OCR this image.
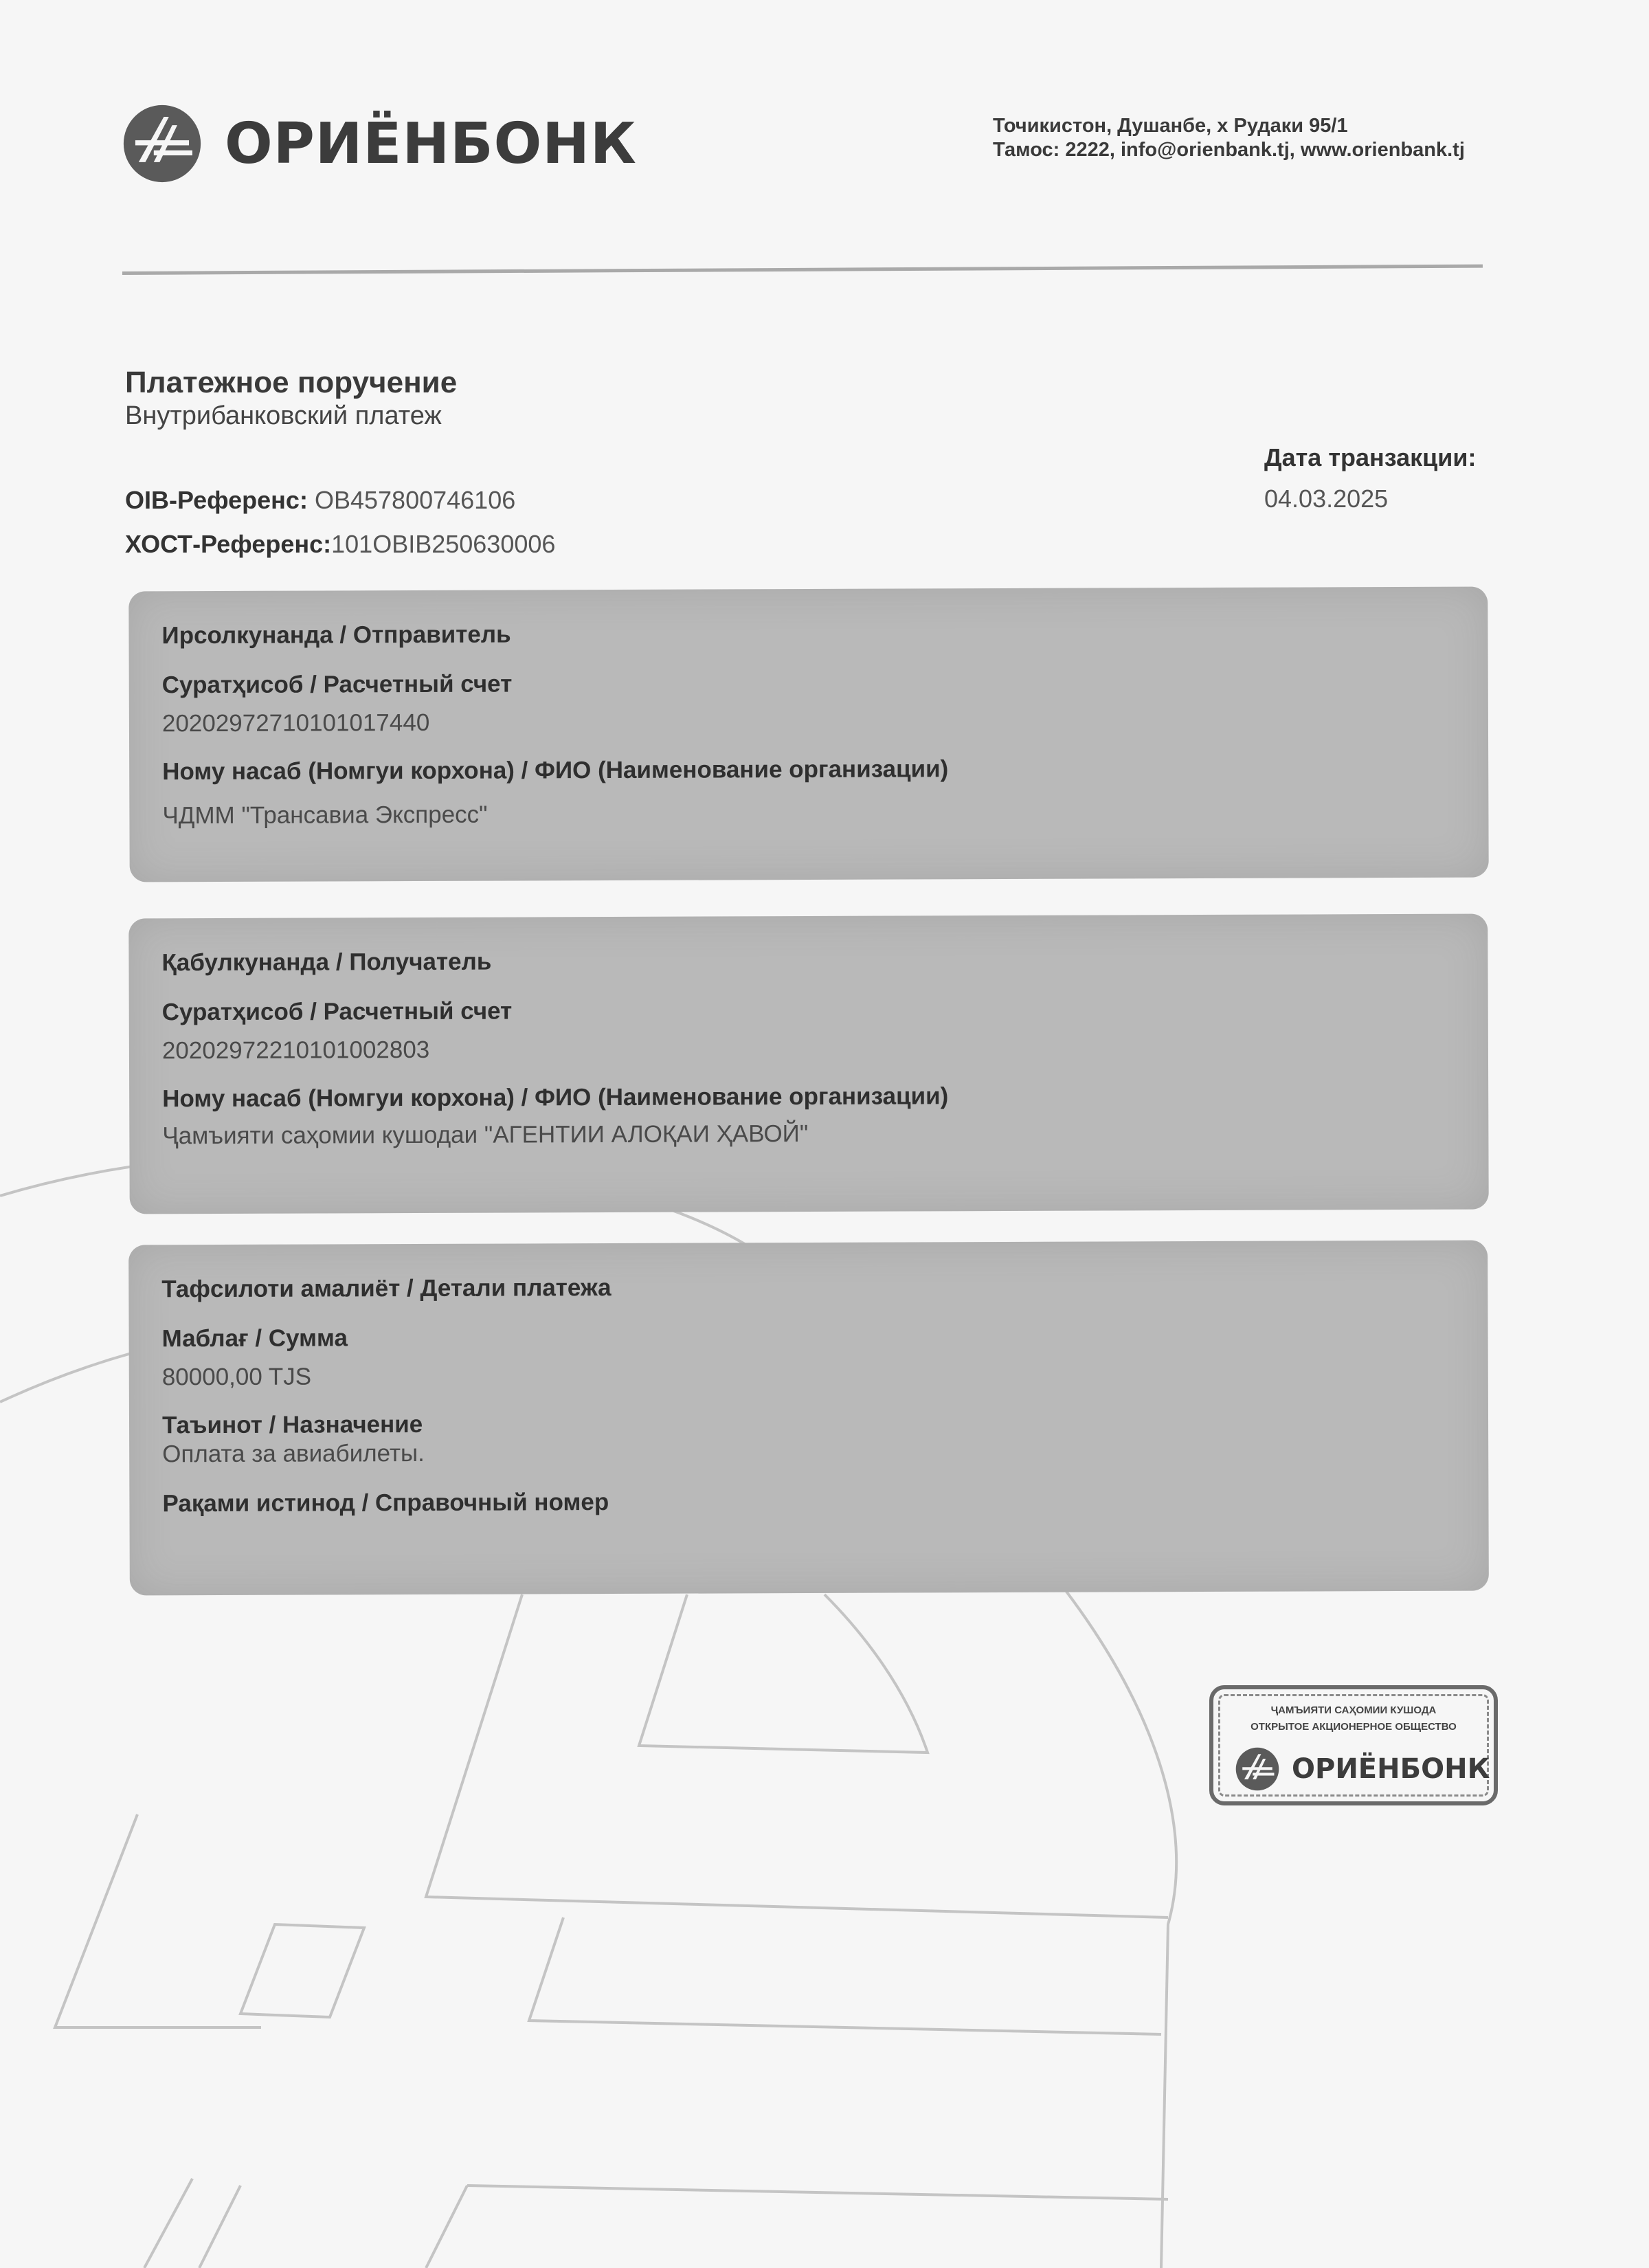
ОРИЁНБОНК	Точикистон, Душанбе, х Рудаки 95/1
Тамос: 2222, info@orienbank.tj, www.orienbank.tj
Платежное поручение
Внутрибанковский платеж
OIB-Референс: OB457800746106
ХОСТ-Референс:101OBIB250630006
Дата транзакции:
04.03.2025
Ирсолкунанда / Отправитель
Суратҳисоб / Расчетный счет
20202972710101017440
Ному насаб (Номгуи корхона) / ФИО (Наименование организации)
ЧДММ "Трансавиа Экспресс"
Қабулкунанда / Получатель
Суратҳисоб / Расчетный счет
20202972210101002803
Ному насаб (Номгуи корхона) / ФИО (Наименование организации)
Ҷамъияти саҳомии кушодаи "АГЕНТИИ АЛОҚАИ ҲАВОЙ"
Тафсилоти амалиёт / Детали платежа
Маблағ / Сумма
80000,00 TJS
Таъинот / Назначение
Оплата за авиабилеты.
Рақами истинод / Справочный номер
ҶАМЪИЯТИ САҲОМИИ КУШОДА
ОТКРЫТОЕ АКЦИОНЕРНОЕ ОБЩЕСТВО
ОРИЁНБОНК
